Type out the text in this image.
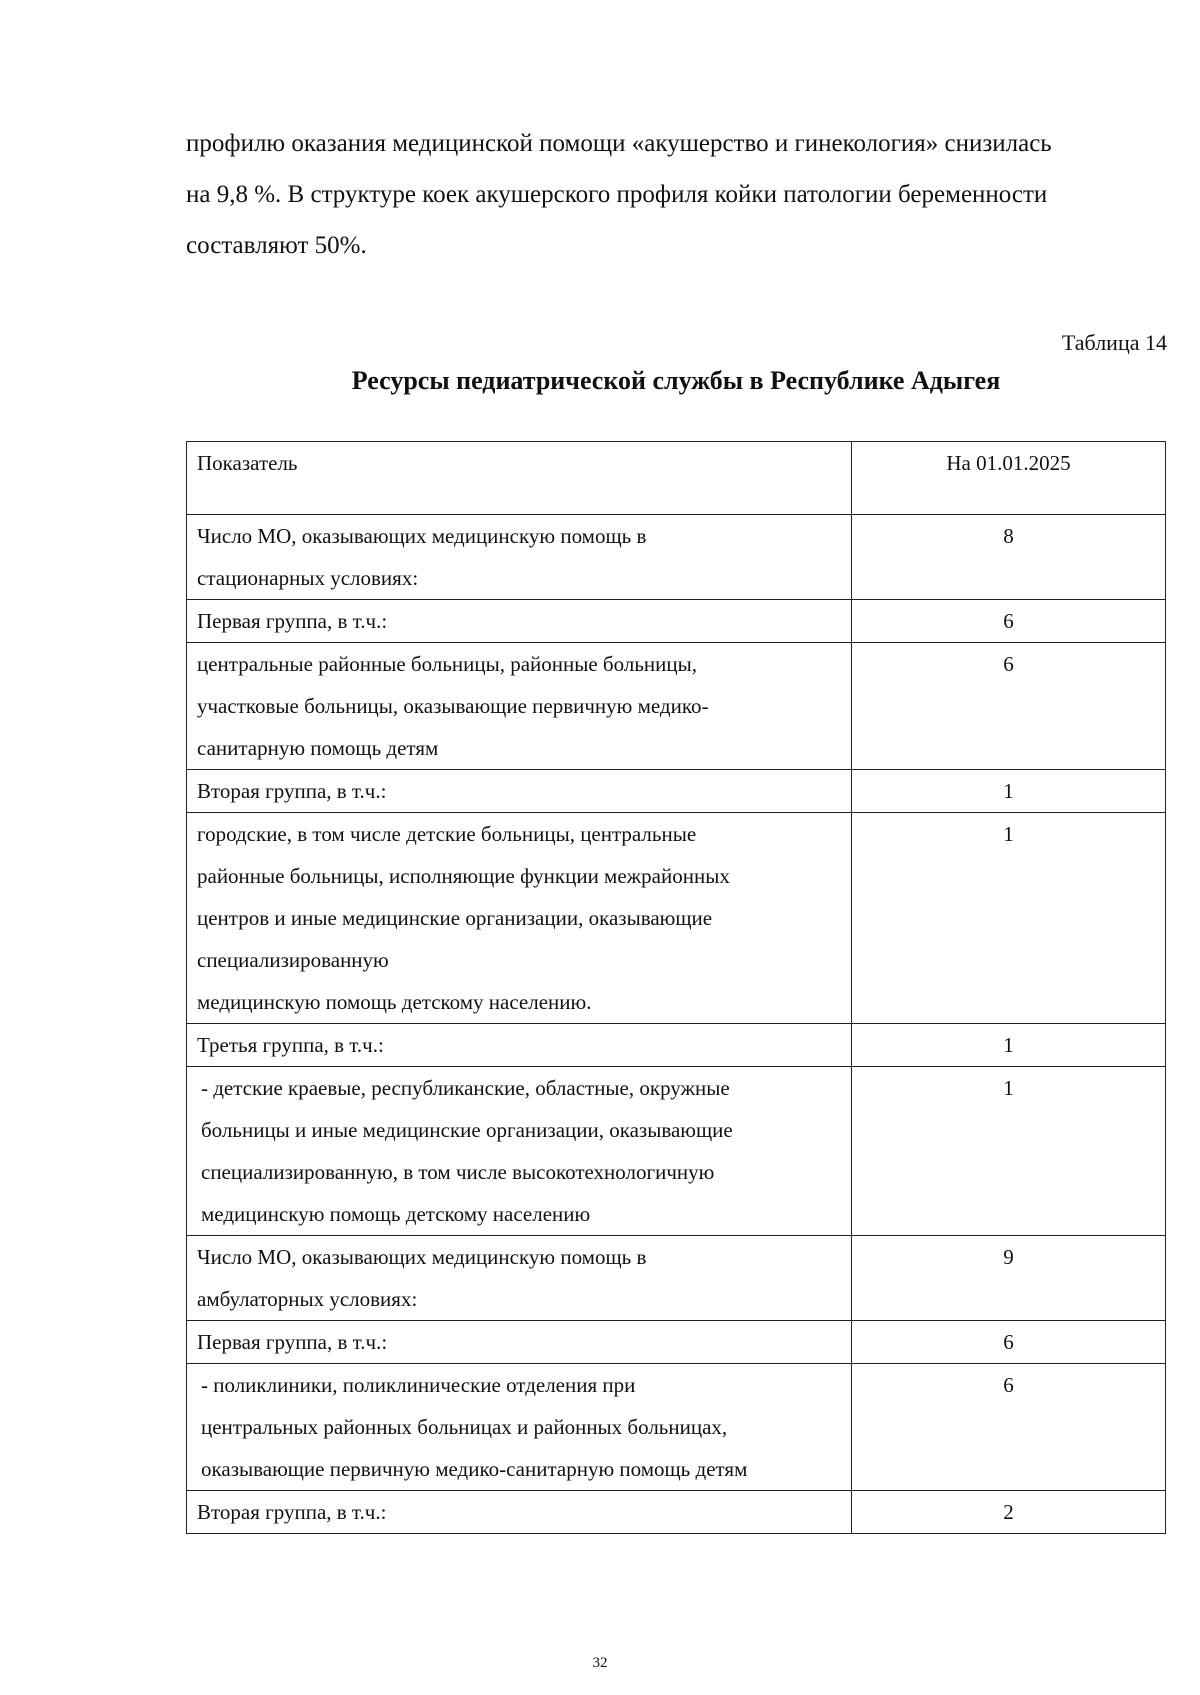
профилю оказания медицинской помощи «акушерство и гинекология» снизилась
на 9,8 %. В структуре коек акушерского профиля койки патологии беременности
составляют 50%.

Таблица 14

Ресурсы педиатрической службы в Республике Адыгея
Показатель	На 01.01.2025

Число МО, оказывающих медицинскую помощь в
стационарных условиях:	8

Первая группа, в т.ч.:	6

центральные районные больницы, районные больницы,
участковые больницы, оказывающие первичную медико-
санитарную помощь детям	6

Вторая группа, в т.ч.:	1

городские, в том числе детские больницы, центральные
районные больницы, исполняющие функции межрайонных
центров и иные медицинские организации, оказывающие
специализированную
медицинскую помощь детскому населению.	1

Третья группа, в т.ч.:	1

- детские краевые, республиканские, областные, окружные
больницы и иные медицинские организации, оказывающие
специализированную, в том числе высокотехнологичную
медицинскую помощь детскому населению	1

Число МО, оказывающих медицинскую помощь в
амбулаторных условиях:	9

Первая группа, в т.ч.:	6

- поликлиники, поликлинические отделения при
центральных районных больницах и районных больницах,
оказывающие первичную медико-санитарную помощь детям	6

Вторая группа, в т.ч.:	2

32
